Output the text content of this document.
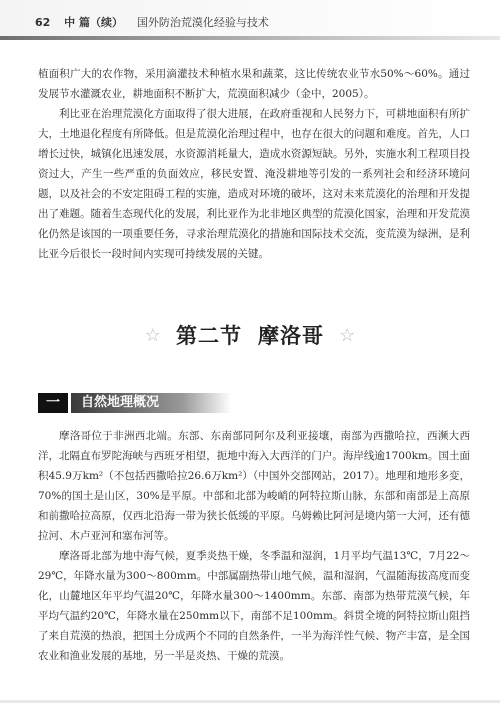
62 中 篇（续） 国外防治荒漠化经验与技术

植面积广大的农作物，采用滴灌技术种植水果和蔬菜，这比传统农业节水50%～60%。通过发展节水灌溉农业，耕地面积不断扩大，荒漠面积减少（金中，2005）。

利比亚在治理荒漠化方面取得了很大进展，在政府重视和人民努力下，可耕地面积有所扩大，土地退化程度有所降低。但是荒漠化治理过程中，也存在很大的问题和难度。首先，人口增长过快，城镇化迅速发展，水资源消耗量大，造成水资源短缺。另外，实施水利工程项目投资过大，产生一些严重的负面效应，移民安置、淹没耕地等引发的一系列社会和经济环境问题，以及社会的不安定阻碍工程的实施，造成对环境的破坏，这对未来荒漠化的治理和开发提出了难题。随着生态现代化的发展，利比亚作为北非地区典型的荒漠化国家，治理和开发荒漠化仍然是该国的一项重要任务，寻求治理荒漠化的措施和国际技术交流，变荒漠为绿洲，是利比亚今后很长一段时间内实现可持续发展的关键。

☆ 第二节 摩洛哥 ☆
一	自然地理概况

摩洛哥位于非洲西北端。东部、东南部同阿尔及利亚接壤，南部为西撒哈拉，西濒大西洋，北隔直布罗陀海峡与西班牙相望，扼地中海入大西洋的门户。海岸线逾1700km。国土面积45.9万km²（不包括西撒哈拉26.6万km²）（中国外交部网站，2017）。地理和地形多变，70%的国土是山区，30%是平原。中部和北部为峻峭的阿特拉斯山脉，东部和南部是上高原和前撒哈拉高原，仅西北沿海一带为狭长低缓的平原。乌姆赖比阿河是境内第一大河，还有德拉河、木卢亚河和塞布河等。

摩洛哥北部为地中海气候，夏季炎热干燥，冬季温和湿润，1月平均气温13℃，7月22～29℃，年降水量为300～800mm。中部属副热带山地气候，温和湿润，气温随海拔高度而变化，山麓地区年平均气温20℃，年降水量300～1400mm。东部、南部为热带荒漠气候，年平均气温约20℃，年降水量在250mm以下，南部不足100mm。斜贯全境的阿特拉斯山阻挡了来自荒漠的热浪，把国土分成两个不同的自然条件，一半为海洋性气候、物产丰富，是全国农业和渔业发展的基地，另一半是炎热、干燥的荒漠。
